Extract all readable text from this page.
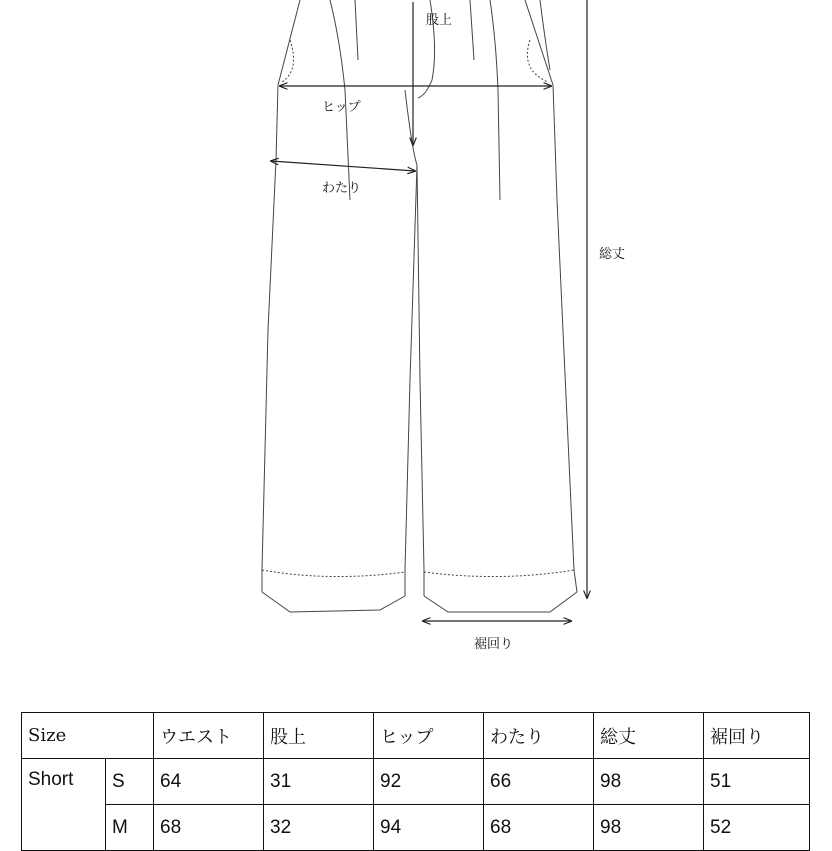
股上
ヒップ
わたり
総丈
裾回り
Size		ウエスト	股上	ヒップ	わたり	総丈	裾回り
Short	S	64	31	92	66	98	51
	M	68	32	94	68	98	52
